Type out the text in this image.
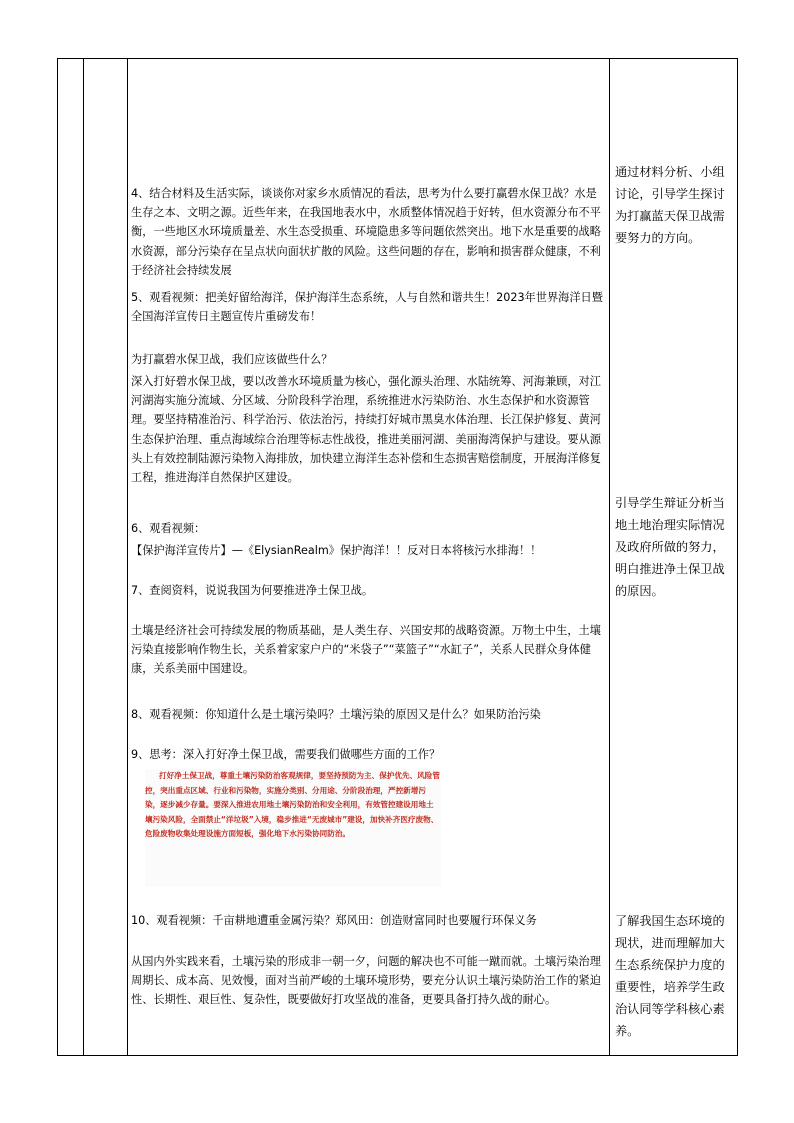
4、结合材料及生活实际，谈谈你对家乡水质情况的看法，思考为什么要打赢碧水保卫战？水是生存之本、文明之源。近些年来，在我国地表水中，水质整体情况趋于好转，但水资源分布不平衡，一些地区水环境质量差、水生态受损重、环境隐患多等问题依然突出。地下水是重要的战略水资源，部分污染存在呈点状向面状扩散的风险。这些问题的存在，影响和损害群众健康，不利于经济社会持续发展

5、观看视频：把美好留给海洋，保护海洋生态系统，人与自然和谐共生！2023年世界海洋日暨全国海洋宣传日主题宣传片重磅发布！

为打赢碧水保卫战，我们应该做些什么？

深入打好碧水保卫战，要以改善水环境质量为核心，强化源头治理、水陆统筹、河海兼顾，对江河湖海实施分流域、分区域、分阶段科学治理，系统推进水污染防治、水生态保护和水资源管理。要坚持精准治污、科学治污、依法治污，持续打好城市黑臭水体治理、长江保护修复、黄河生态保护治理、重点海域综合治理等标志性战役，推进美丽河湖、美丽海湾保护与建设。要从源头上有效控制陆源污染物入海排放，加快建立海洋生态补偿和生态损害赔偿制度，开展海洋修复工程，推进海洋自然保护区建设。

6、观看视频：

【保护海洋宣传片】—《ElysianRealm》保护海洋！！反对日本将核污水排海！！

7、查阅资料，说说我国为何要推进净土保卫战。

土壤是经济社会可持续发展的物质基础，是人类生存、兴国安邦的战略资源。万物土中生，土壤污染直接影响作物生长，关系着家家户户的“米袋子”“菜篮子”“水缸子”，关系人民群众身体健康，关系美丽中国建设。

8、观看视频：你知道什么是土壤污染吗？土壤污染的原因又是什么？如果防治污染

9、思考：深入打好净土保卫战，需要我们做哪些方面的工作？

打好净土保卫战，尊重土壤污染防治客观规律，要坚持预防为主、保护优先、风险管控，突出重点区域、行业和污染物，实施分类别、分用途、分阶段治理，严控新增污染，逐步减少存量。要深入推进农用地土壤污染防治和安全利用，有效管控建设用地土壤污染风险，全面禁止“洋垃圾”入境，稳步推进“无废城市”建设，加快补齐医疗废物、危险废物收集处理设施方面短板，强化地下水污染协同防治。

10、观看视频：千亩耕地遭重金属污染？郑风田：创造财富同时也要履行环保义务

从国内外实践来看，土壤污染的形成非一朝一夕，问题的解决也不可能一蹴而就。土壤污染治理周期长、成本高、见效慢，面对当前严峻的土壤环境形势，要充分认识土壤污染防治工作的紧迫性、长期性、艰巨性、复杂性，既要做好打攻坚战的准备，更要具备打持久战的耐心。

通过材料分析、小组讨论，引导学生探讨为打赢蓝天保卫战需要努力的方向。

引导学生辩证分析当地土地治理实际情况及政府所做的努力，明白推进净土保卫战的原因。

了解我国生态环境的现状，进而理解加大生态系统保护力度的重要性，培养学生政治认同等学科核心素养。
